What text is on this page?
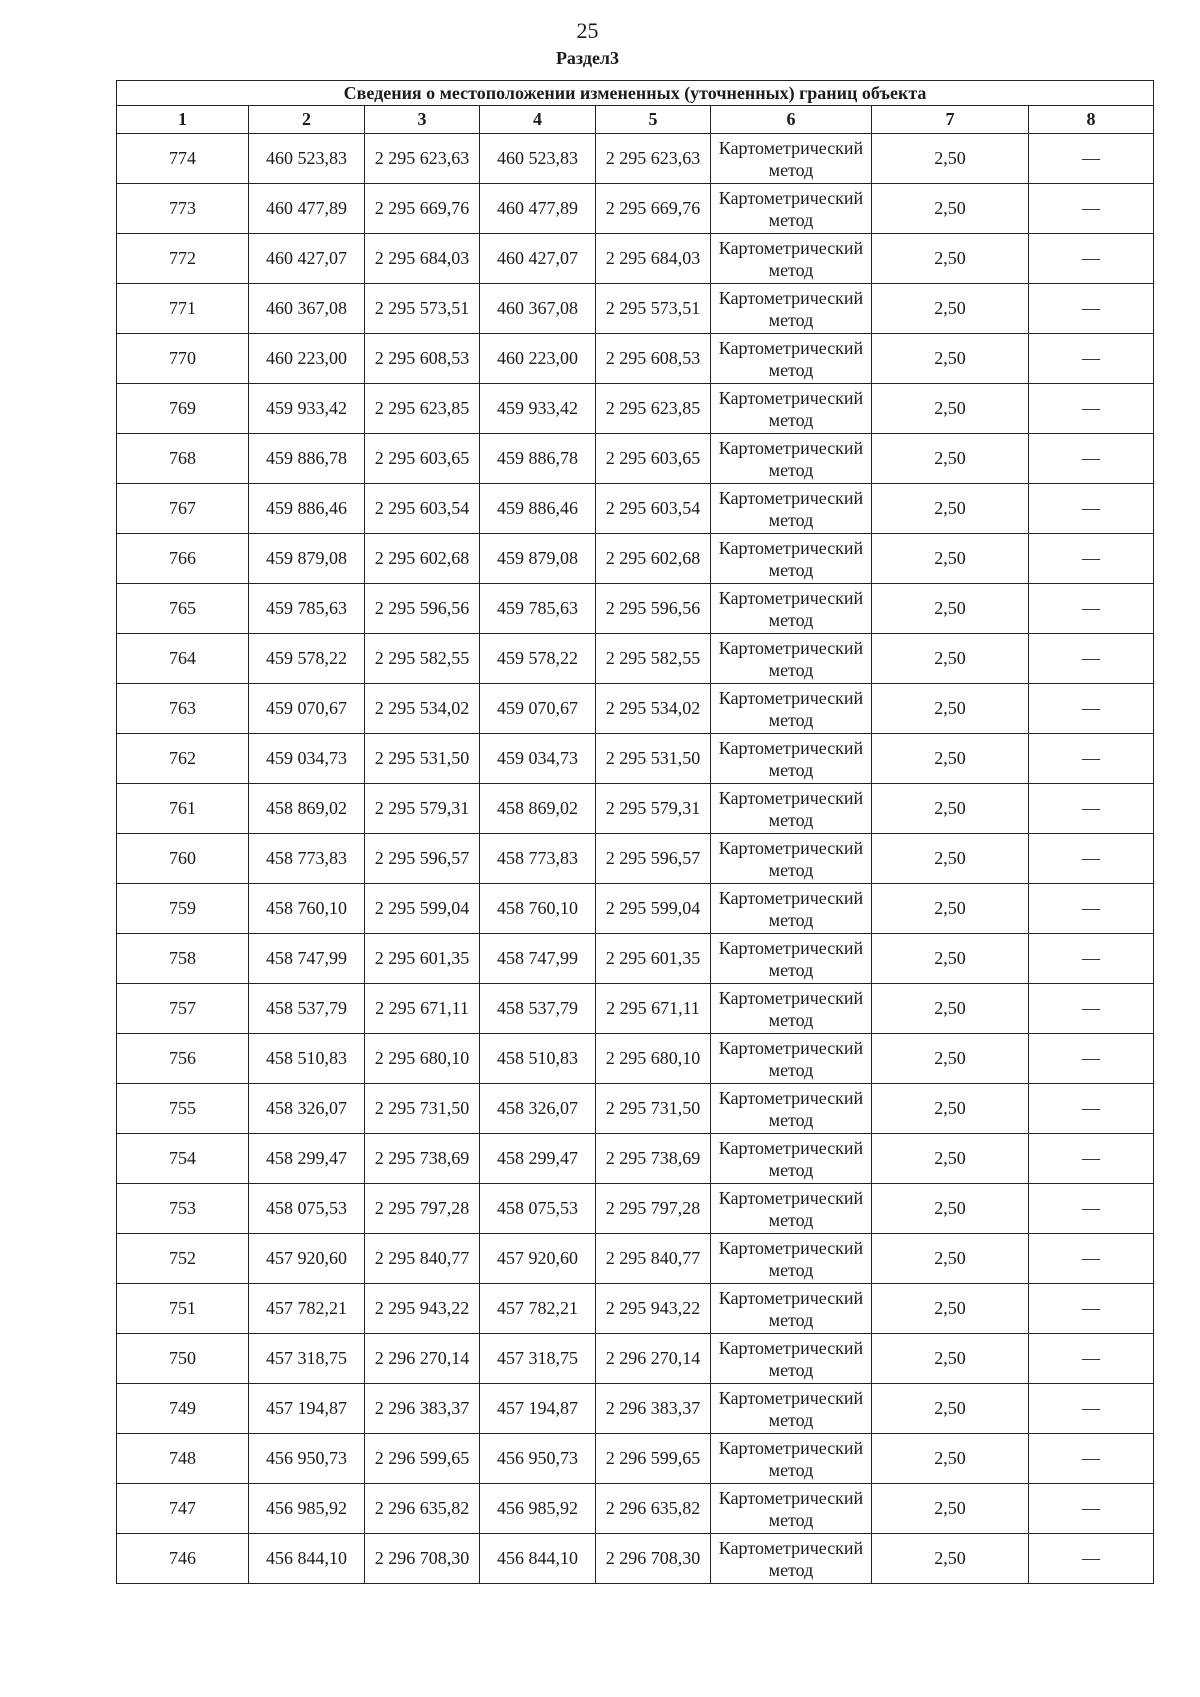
25
Раздел3
Сведения о местоположении измененных (уточненных) границ объекта							
1	2	3	4	5	6	7	8
774	460 523,83	2 295 623,63	460 523,83	2 295 623,63	Картометрический метод	2,50	—
773	460 477,89	2 295 669,76	460 477,89	2 295 669,76	Картометрический метод	2,50	—
772	460 427,07	2 295 684,03	460 427,07	2 295 684,03	Картометрический метод	2,50	—
771	460 367,08	2 295 573,51	460 367,08	2 295 573,51	Картометрический метод	2,50	—
770	460 223,00	2 295 608,53	460 223,00	2 295 608,53	Картометрический метод	2,50	—
769	459 933,42	2 295 623,85	459 933,42	2 295 623,85	Картометрический метод	2,50	—
768	459 886,78	2 295 603,65	459 886,78	2 295 603,65	Картометрический метод	2,50	—
767	459 886,46	2 295 603,54	459 886,46	2 295 603,54	Картометрический метод	2,50	—
766	459 879,08	2 295 602,68	459 879,08	2 295 602,68	Картометрический метод	2,50	—
765	459 785,63	2 295 596,56	459 785,63	2 295 596,56	Картометрический метод	2,50	—
764	459 578,22	2 295 582,55	459 578,22	2 295 582,55	Картометрический метод	2,50	—
763	459 070,67	2 295 534,02	459 070,67	2 295 534,02	Картометрический метод	2,50	—
762	459 034,73	2 295 531,50	459 034,73	2 295 531,50	Картометрический метод	2,50	—
761	458 869,02	2 295 579,31	458 869,02	2 295 579,31	Картометрический метод	2,50	—
760	458 773,83	2 295 596,57	458 773,83	2 295 596,57	Картометрический метод	2,50	—
759	458 760,10	2 295 599,04	458 760,10	2 295 599,04	Картометрический метод	2,50	—
758	458 747,99	2 295 601,35	458 747,99	2 295 601,35	Картометрический метод	2,50	—
757	458 537,79	2 295 671,11	458 537,79	2 295 671,11	Картометрический метод	2,50	—
756	458 510,83	2 295 680,10	458 510,83	2 295 680,10	Картометрический метод	2,50	—
755	458 326,07	2 295 731,50	458 326,07	2 295 731,50	Картометрический метод	2,50	—
754	458 299,47	2 295 738,69	458 299,47	2 295 738,69	Картометрический метод	2,50	—
753	458 075,53	2 295 797,28	458 075,53	2 295 797,28	Картометрический метод	2,50	—
752	457 920,60	2 295 840,77	457 920,60	2 295 840,77	Картометрический метод	2,50	—
751	457 782,21	2 295 943,22	457 782,21	2 295 943,22	Картометрический метод	2,50	—
750	457 318,75	2 296 270,14	457 318,75	2 296 270,14	Картометрический метод	2,50	—
749	457 194,87	2 296 383,37	457 194,87	2 296 383,37	Картометрический метод	2,50	—
748	456 950,73	2 296 599,65	456 950,73	2 296 599,65	Картометрический метод	2,50	—
747	456 985,92	2 296 635,82	456 985,92	2 296 635,82	Картометрический метод	2,50	—
746	456 844,10	2 296 708,30	456 844,10	2 296 708,30	Картометрический метод	2,50	—
